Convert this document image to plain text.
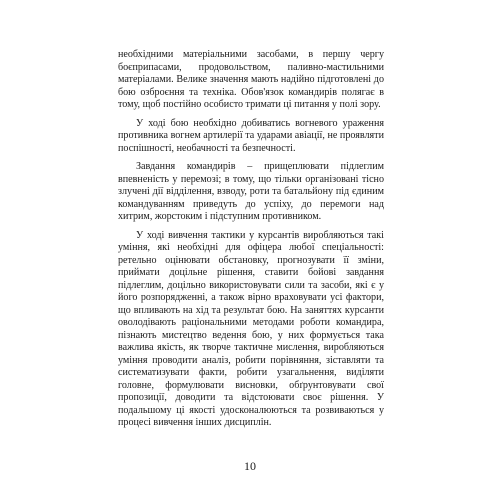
необхідними матеріальними засобами, в першу чергу боєприпасами, продовольством, паливно-мастильними матеріалами. Велике значення мають надійно підготовлені до бою озброєння та техніка. Обов'язок командирів полягає в тому, щоб постійно особисто тримати ці питання у полі зору.

У ході бою необхідно добиватись вогневого ураження противника вогнем артилерії та ударами авіації, не проявляти поспішності, необачності та безпечності.

Завдання командирів – прищеплювати підлеглим впевненість у перемозі; в тому, що тільки організовані тісно злучені дії відділення, взводу, роти та батальйону під єдиним командуванням приведуть до успіху, до перемоги над хитрим, жорстоким і підступним противником.

У ході вивчення тактики у курсантів виробляються такі уміння, які необхідні для офіцера любої спеціальності: ретельно оцінювати обстановку, прогнозувати її зміни, приймати доцільне рішення, ставити бойові завдання підлеглим, доцільно використовувати сили та засоби, які є у його розпорядженні, а також вірно враховувати усі фактори, що впливають на хід та результат бою. На заняттях курсанти оволодівають раціональними методами роботи командира, пізнають мистецтво ведення бою, у них формується така важлива якість, як творче тактичне мислення, виробляються уміння проводити аналіз, робити порівняння, зіставляти та систематизувати факти, робити узагальнення, виділяти головне, формулювати висновки, обґрунтовувати свої пропозиції, доводити та відстоювати своє рішення. У подальшому ці якості удосконалюються та розвиваються у процесі вивчення інших дисциплін.

10
